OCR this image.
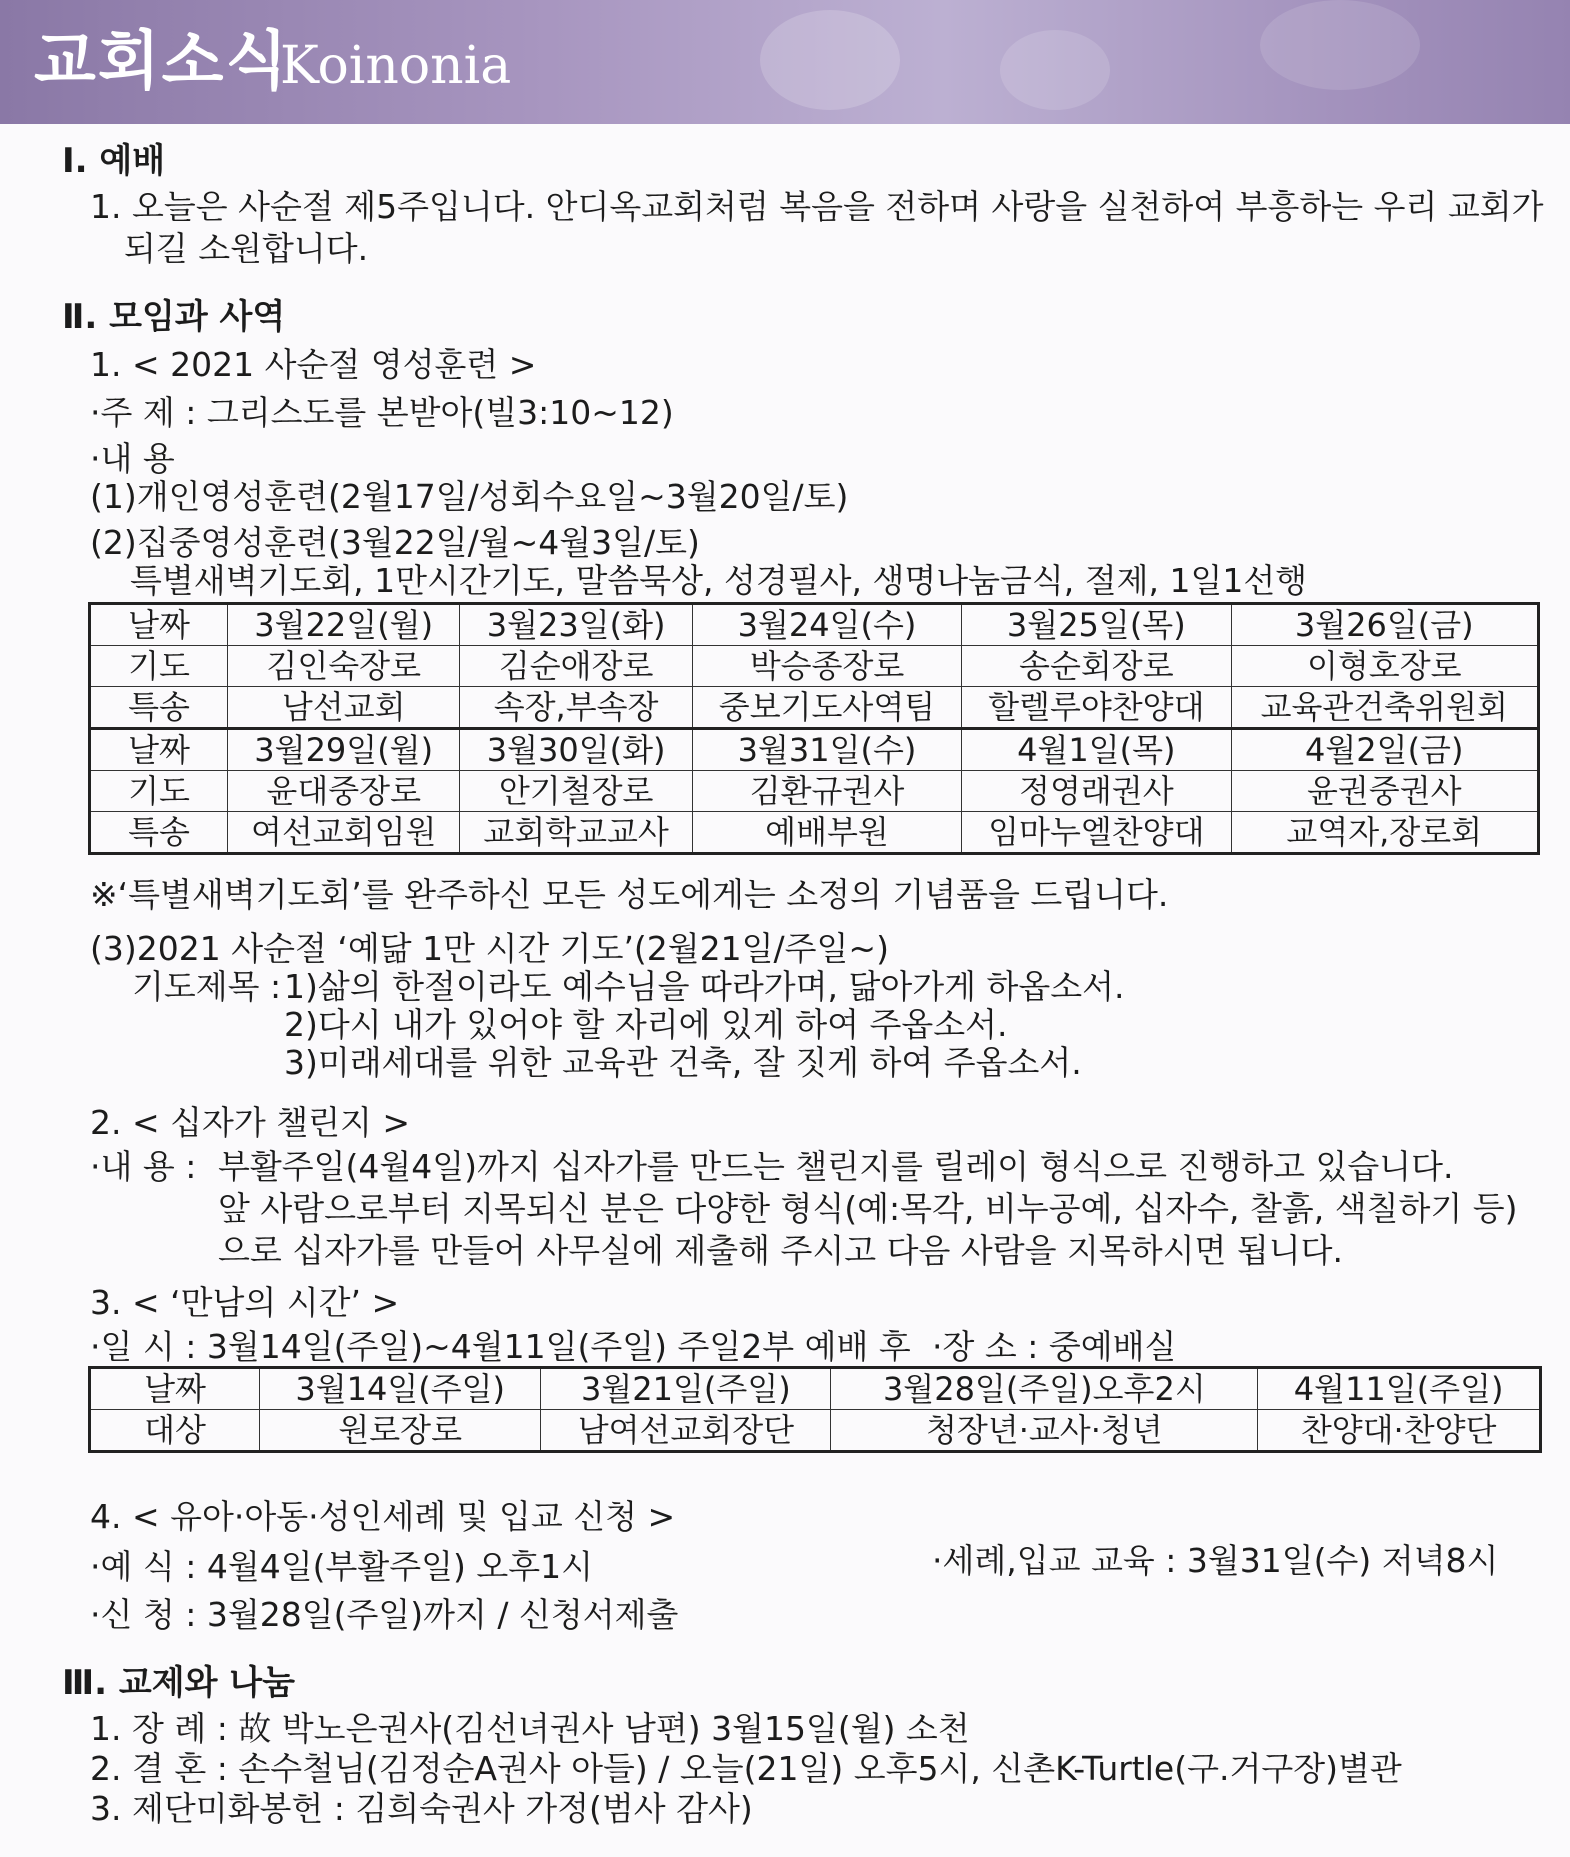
교회소식
Koinonia
Ⅰ. 예배
1. 오늘은 사순절 제5주입니다. 안디옥교회처럼 복음을 전하며 사랑을 실천하여 부흥하는 우리 교회가
되길 소원합니다.
Ⅱ. 모임과 사역
1. < 2021 사순절 영성훈련 >
·주 제 : 그리스도를 본받아(빌3:10~12)
·내 용
(1)개인영성훈련(2월17일/성회수요일~3월20일/토)
(2)집중영성훈련(3월22일/월~4월3일/토)
특별새벽기도회, 1만시간기도, 말씀묵상, 성경필사, 생명나눔금식, 절제, 1일1선행
날짜	3월22일(월)	3월23일(화)	3월24일(수)	3월25일(목)	3월26일(금)
기도	김인숙장로	김순애장로	박승종장로	송순회장로	이형호장로
특송	남선교회	속장,부속장	중보기도사역팀	할렐루야찬양대	교육관건축위원회
날짜	3월29일(월)	3월30일(화)	3월31일(수)	4월1일(목)	4월2일(금)
기도	윤대중장로	안기철장로	김환규권사	정영래권사	윤권중권사
특송	여선교회임원	교회학교교사	예배부원	임마누엘찬양대	교역자,장로회
※‘특별새벽기도회’를 완주하신 모든 성도에게는 소정의 기념품을 드립니다.
(3)2021 사순절 ‘예닮 1만 시간 기도’(2월21일/주일~)
기도제목 : 1)삶의 한절이라도 예수님을 따라가며, 닮아가게 하옵소서.
2)다시 내가 있어야 할 자리에 있게 하여 주옵소서.
3)미래세대를 위한 교육관 건축, 잘 짓게 하여 주옵소서.
2. < 십자가 챌린지 >
·내 용 : 부활주일(4월4일)까지 십자가를 만드는 챌린지를 릴레이 형식으로 진행하고 있습니다.
앞 사람으로부터 지목되신 분은 다양한 형식(예:목각, 비누공예, 십자수, 찰흙, 색칠하기 등)
으로 십자가를 만들어 사무실에 제출해 주시고 다음 사람을 지목하시면 됩니다.
3. < ‘만남의 시간’ >
·일 시 : 3월14일(주일)~4월11일(주일) 주일2부 예배 후 ·장 소 : 중예배실
날짜	3월14일(주일)	3월21일(주일)	3월28일(주일)오후2시	4월11일(주일)
대상	원로장로	남여선교회장단	청장년·교사·청년	찬양대·찬양단
4. < 유아·아동·성인세례 및 입교 신청 >
·예 식 : 4월4일(부활주일) 오후1시	·세례,입교 교육 : 3월31일(수) 저녁8시
·신 청 : 3월28일(주일)까지 / 신청서제출
Ⅲ. 교제와 나눔
1. 장 례 : 故 박노은권사(김선녀권사 남편) 3월15일(월) 소천
2. 결 혼 : 손수철님(김정순A권사 아들) / 오늘(21일) 오후5시, 신촌K-Turtle(구.거구장)별관
3. 제단미화봉헌 : 김희숙권사 가정(범사 감사)
